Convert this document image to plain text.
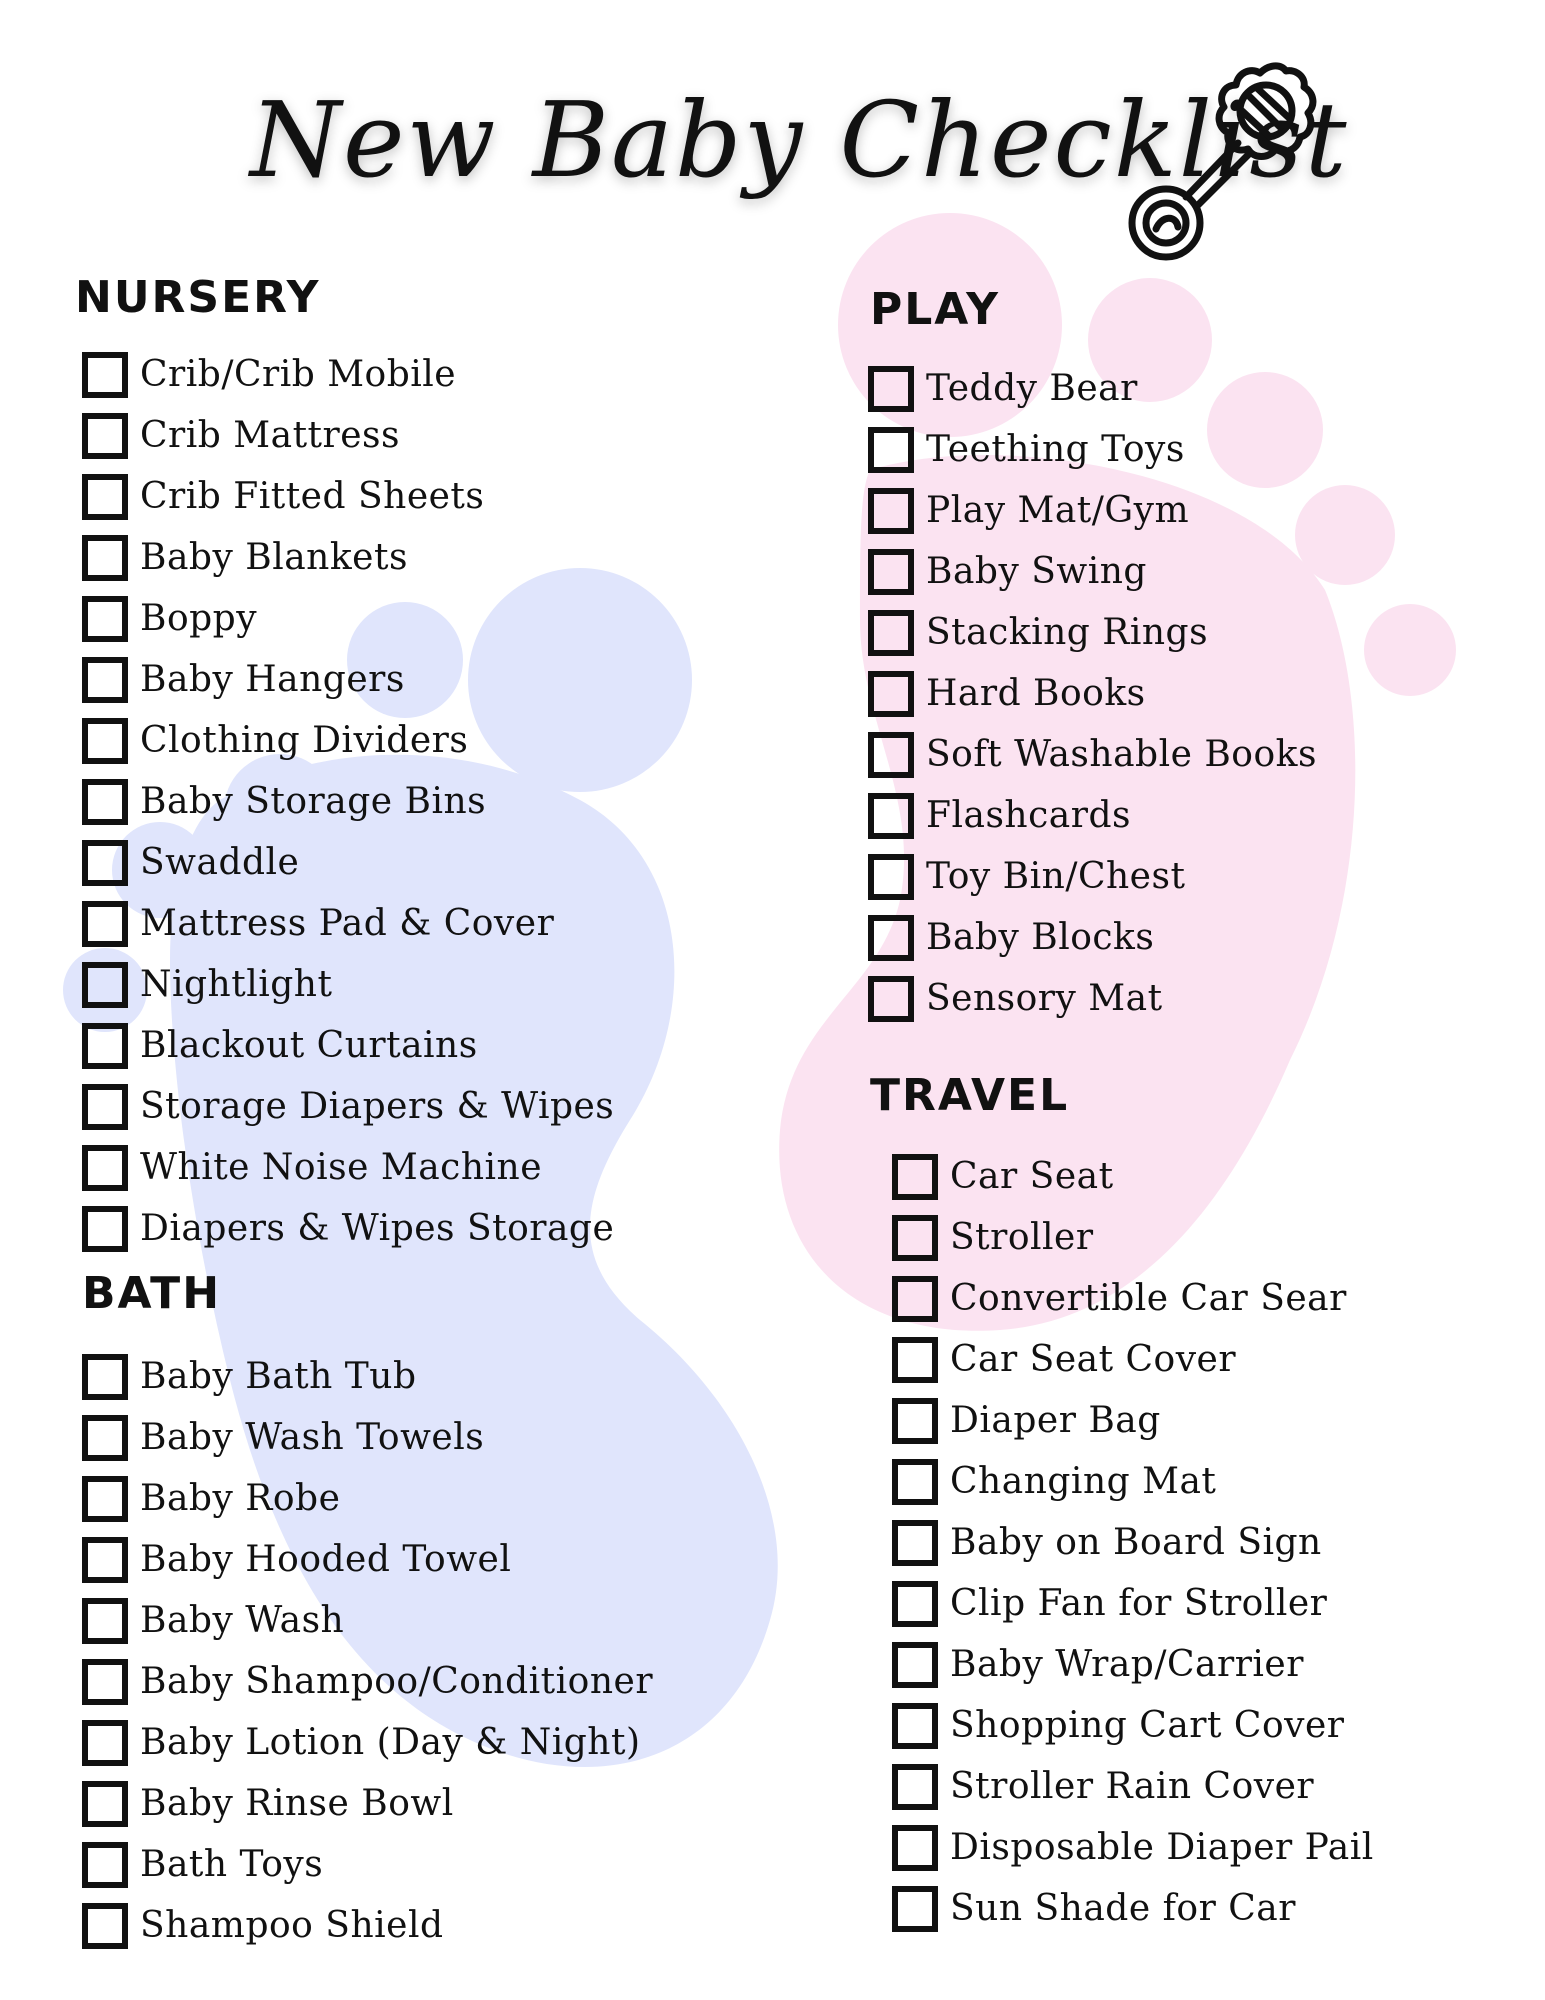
New Baby Checklist
NURSERY
Crib/Crib Mobile
Crib Mattress
Crib Fitted Sheets
Baby Blankets
Boppy
Baby Hangers
Clothing Dividers
Baby Storage Bins
Swaddle
Mattress Pad & Cover
Nightlight
Blackout Curtains
Storage Diapers & Wipes
White Noise Machine
Diapers & Wipes Storage
BATH
Baby Bath Tub
Baby Wash Towels
Baby Robe
Baby Hooded Towel
Baby Wash
Baby Shampoo/Conditioner
Baby Lotion (Day & Night)
Baby Rinse Bowl
Bath Toys
Shampoo Shield
PLAY
Teddy Bear
Teething Toys
Play Mat/Gym
Baby Swing
Stacking Rings
Hard Books
Soft Washable Books
Flashcards
Toy Bin/Chest
Baby Blocks
Sensory Mat
TRAVEL
Car Seat
Stroller
Convertible Car Sear
Car Seat Cover
Diaper Bag
Changing Mat
Baby on Board Sign
Clip Fan for Stroller
Baby Wrap/Carrier
Shopping Cart Cover
Stroller Rain Cover
Disposable Diaper Pail
Sun Shade for Car
